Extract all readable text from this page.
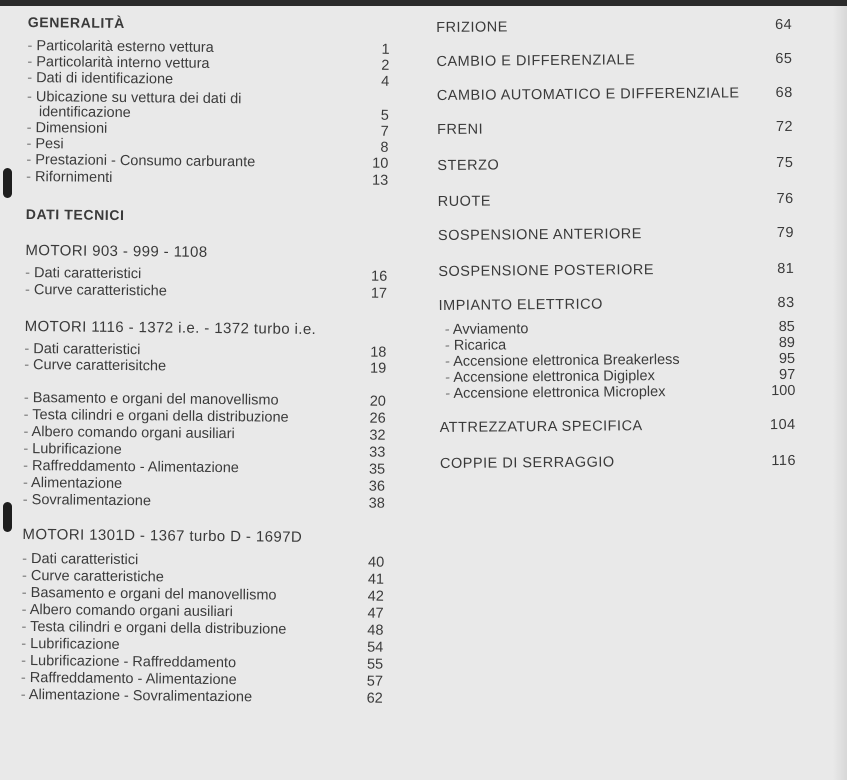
GENERALITÀ
- Particolarità esterno vettura	1
- Particolarità interno vettura	2
- Dati di identificazione	4
- Ubicazione su vettura dei dati di
identificazione	5
- Dimensioni	7
- Pesi	8
- Prestazioni - Consumo carburante	10
- Rifornimenti	13
DATI TECNICI
MOTORI 903 - 999 - 1108
- Dati caratteristici	16
- Curve caratteristiche	17
MOTORI 1116 - 1372 i.e. - 1372 turbo i.e.
- Dati caratteristici	18
- Curve caratterisitche	19
- Basamento e organi del manovellismo	20
- Testa cilindri e organi della distribuzione	26
- Albero comando organi ausiliari	32
- Lubrificazione	33
- Raffreddamento - Alimentazione	35
- Alimentazione	36
- Sovralimentazione	38
MOTORI 1301D - 1367 turbo D - 1697D
- Dati caratteristici	40
- Curve caratteristiche	41
- Basamento e organi del manovellismo	42
- Albero comando organi ausiliari	47
- Testa cilindri e organi della distribuzione	48
- Lubrificazione	54
- Lubrificazione - Raffreddamento	55
- Raffreddamento - Alimentazione	57
- Alimentazione - Sovralimentazione	62
FRIZIONE	64
CAMBIO E DIFFERENZIALE	65
CAMBIO AUTOMATICO E DIFFERENZIALE 68
FRENI	72
STERZO	75
RUOTE	76
SOSPENSIONE ANTERIORE	79
SOSPENSIONE POSTERIORE	81
IMPIANTO ELETTRICO	83
- Avviamento	85
- Ricarica	89
- Accensione elettronica Breakerless	95
- Accensione elettronica Digiplex	97
- Accensione elettronica Microplex	100
ATTREZZATURA SPECIFICA	104
COPPIE DI SERRAGGIO	116
